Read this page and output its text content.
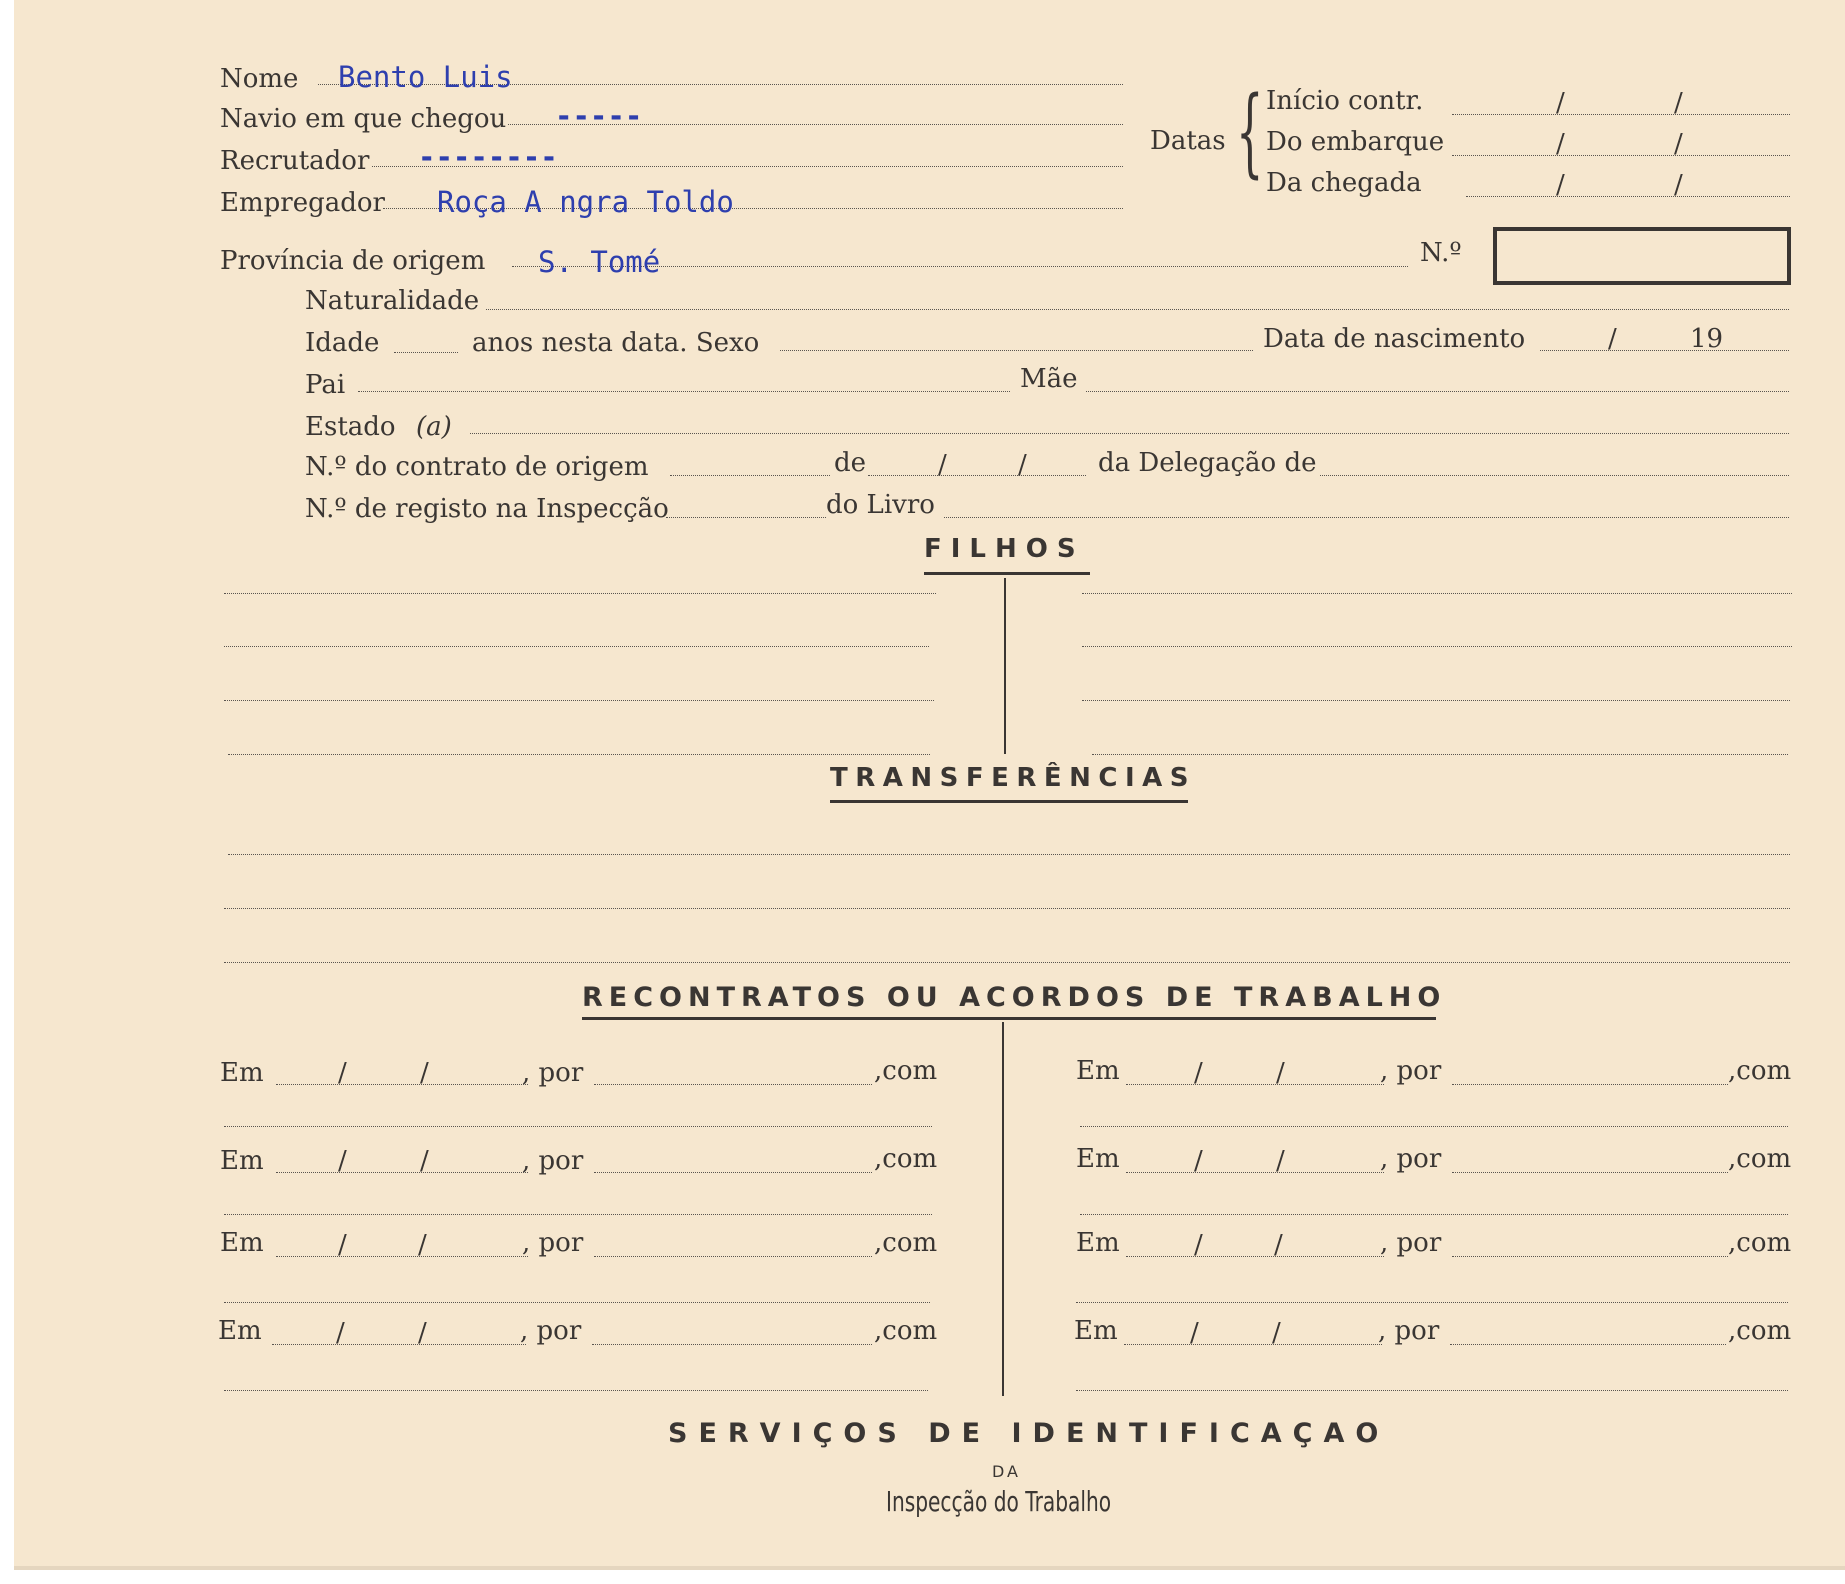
Nome Bento Luis
Navio em que chegou -----
Recrutador --------
Empregador Roça A ngra Toldo
Datas { Início contr.	/	/
Do embarque	/	/
Da chegada	/	/
Província de origem S. Tomé	N.º
Naturalidade
Idade	anos nesta data. Sexo	Data de nascimento	/	19
Pai	Mãe
Estado (a)
N.º do contrato de origem	de	/	/	da Delegação de
N.º de registo na Inspecção	do Livro
FILHOS
TRANSFERÊNCIAS
RECONTRATOS OU ACORDOS DE TRABALHO
Em	/	/	, por	,com
Em	/	/	, por	,com
Em	/	/	, por	,com
Em	/	/	, por	,com
Em	/	/	, por	,com
Em	/	/	, por	,com
Em	/	/	, por	,com
Em	/	/	, por	,com
SERVIÇOS DE IDENTIFICAÇAO
DA
Inspecção do Trabalho
